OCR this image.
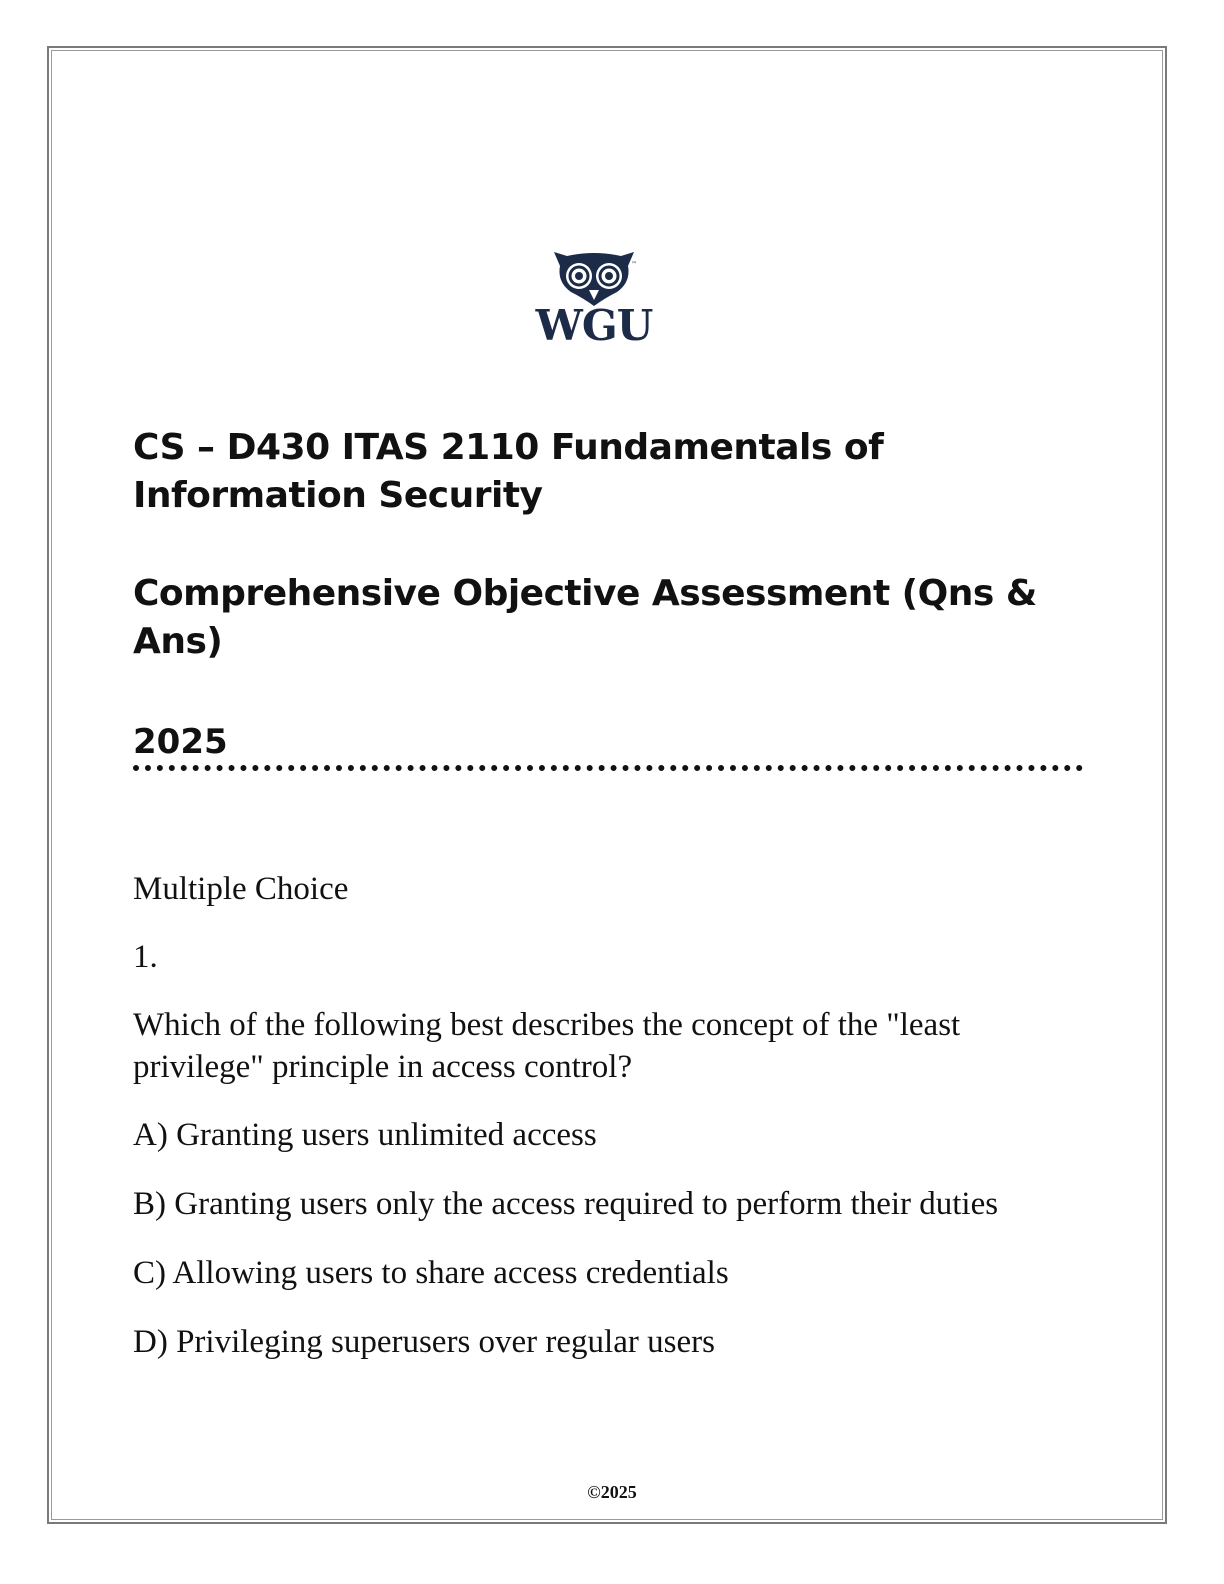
™
WGU

CS – D430 ITAS 2110 Fundamentals of
Information Security

Comprehensive Objective Assessment (Qns &
Ans)

2025

Multiple Choice

1.

Which of the following best describes the concept of the "least privilege" principle in access control?

A) Granting users unlimited access

B) Granting users only the access required to perform their duties

C) Allowing users to share access credentials

D) Privileging superusers over regular users

©2025
